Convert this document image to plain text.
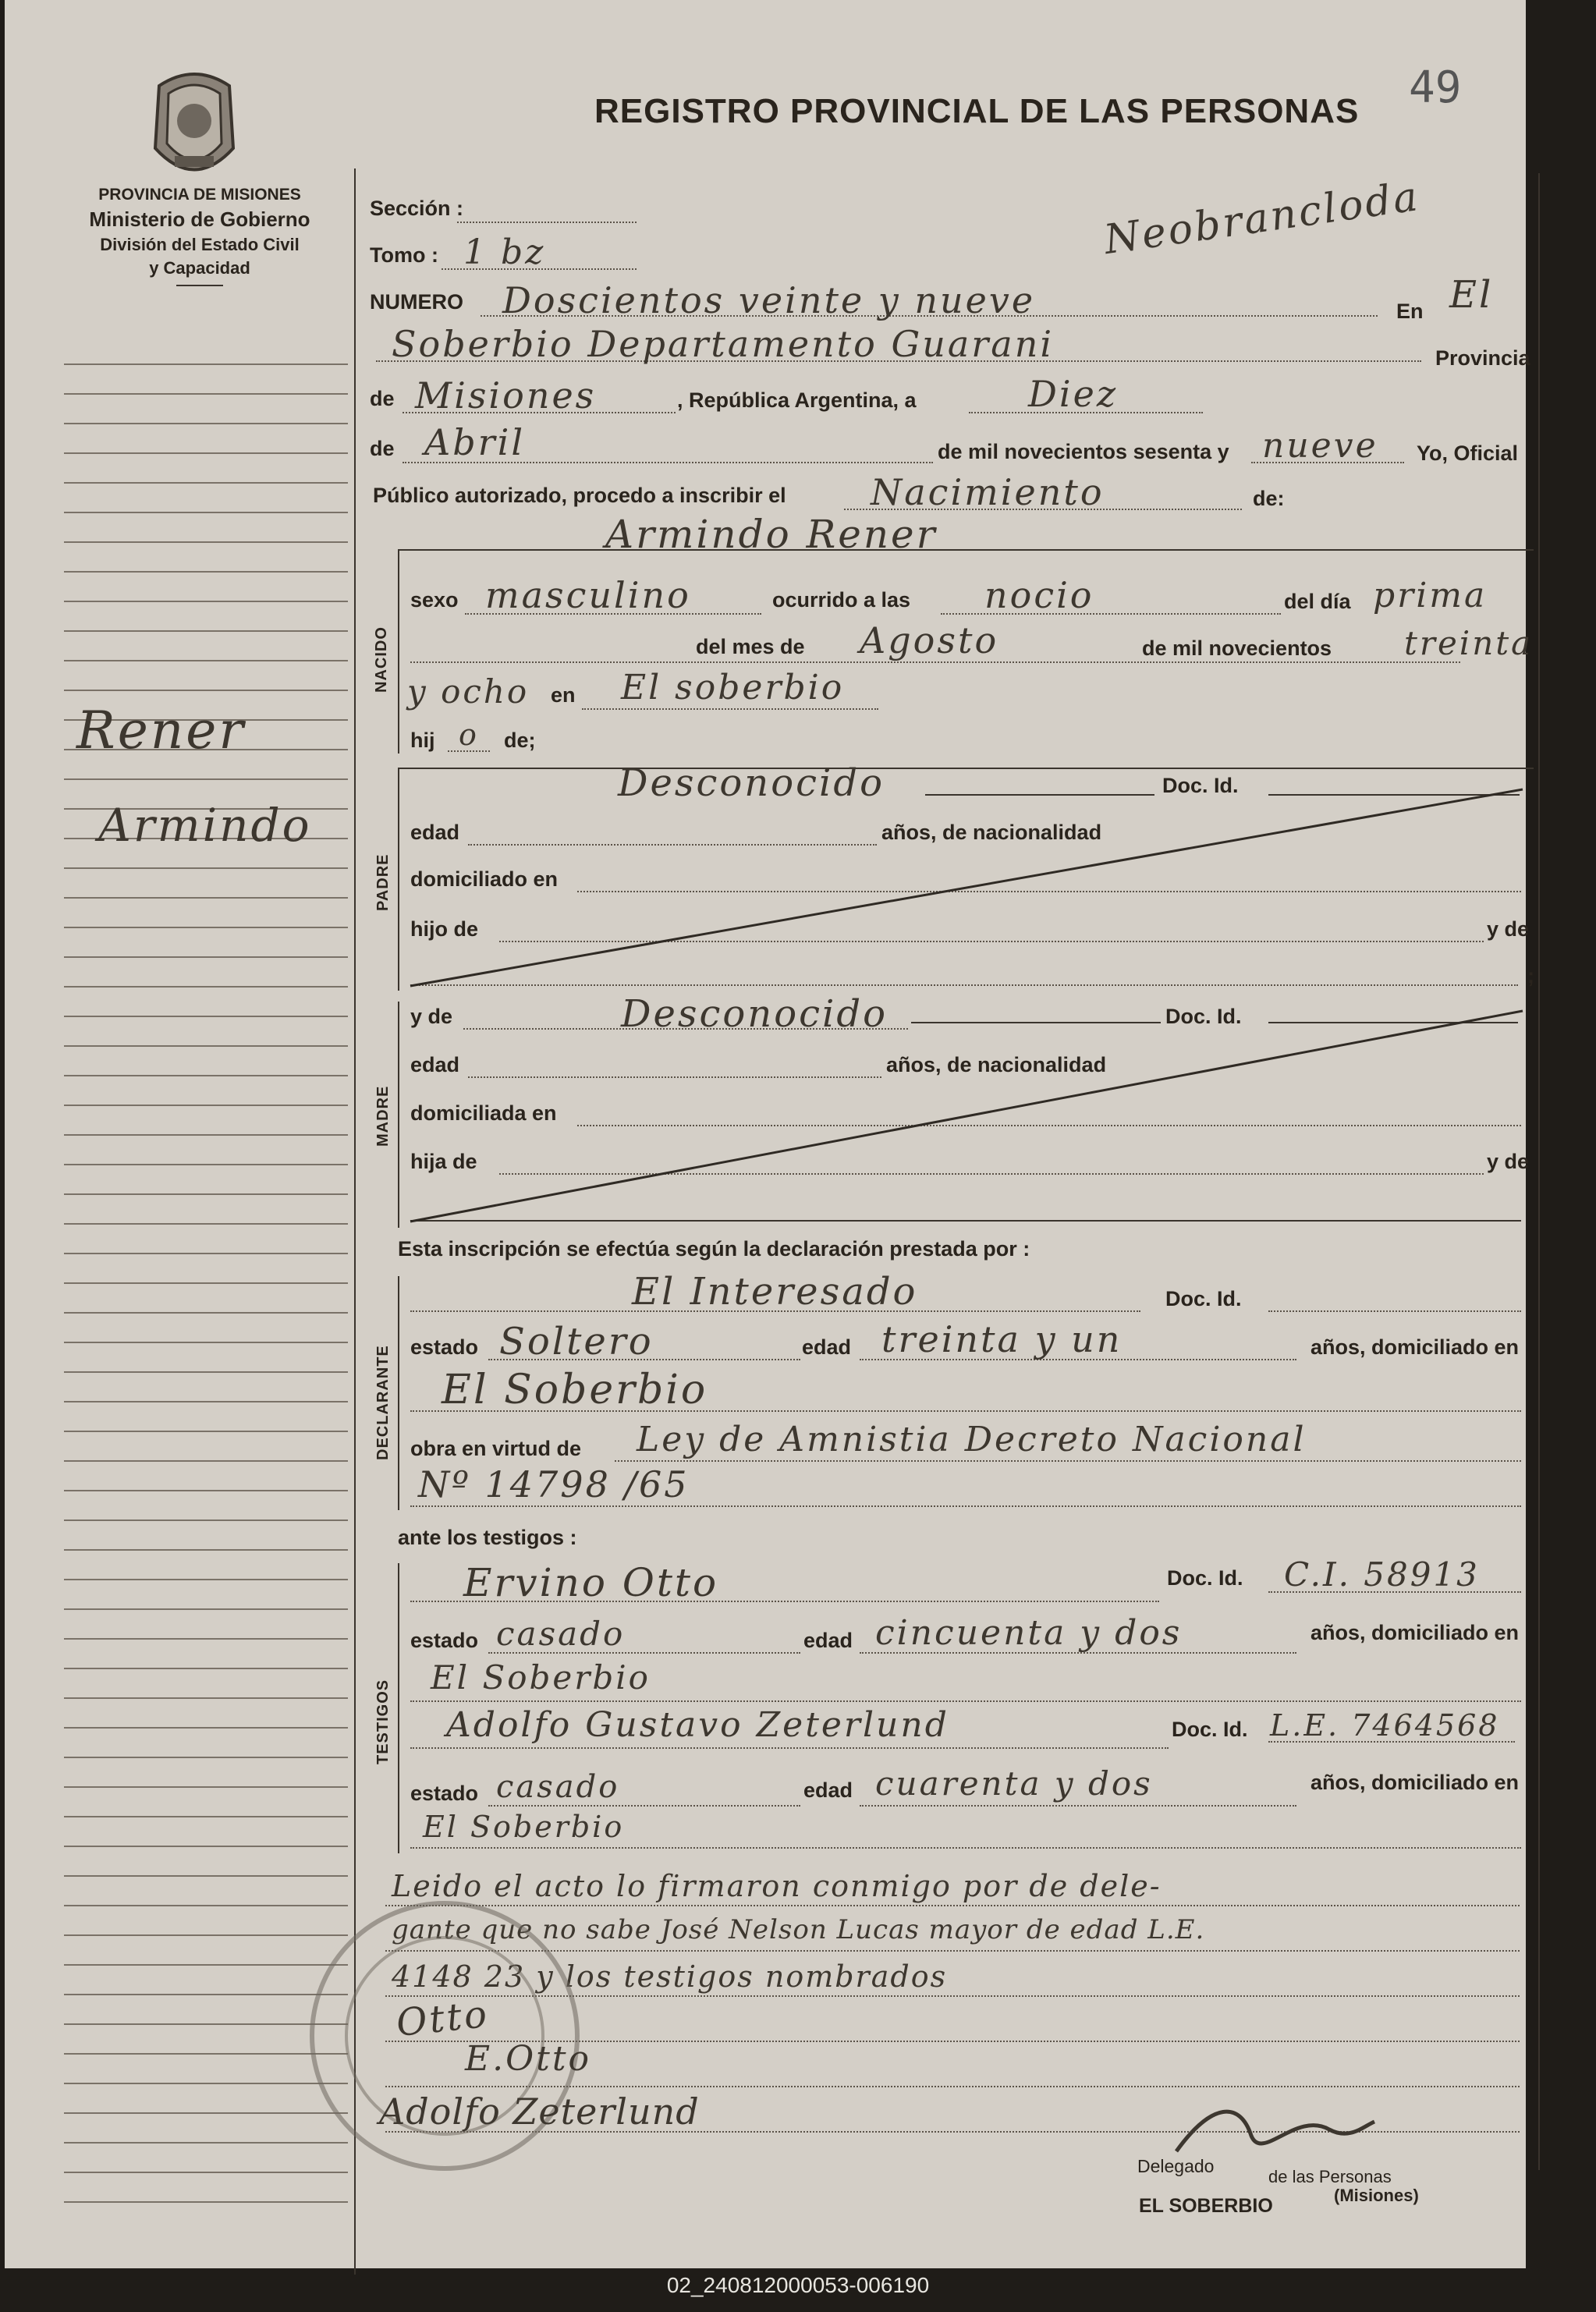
49
REGISTRO PROVINCIAL DE LAS PERSONAS
PROVINCIA DE MISIONES
Ministerio de Gobierno
División del Estado Civil
y Capacidad
Neobrancloda
Rener
Armindo
Sección :
Tomo : 1 bz
NUMERO Doscientos veinte y nueve	En El
Soberbio Departamento Guarani	Provincia
de Misiones	, República Argentina, a	Diez
de Abril	de mil novecientos sesenta y nueve Yo, Oficial
Público autorizado, procedo a inscribir el Nacimiento	de:
NACIDO
Armindo Rener
sexo masculino	ocurrido a las nocio	del día prima
del mes de Agosto	de mil novecientos treinta
y ocho en El soberbio
hij o de;
PADRE
Desconocido	Doc. Id.
edad	años, de nacionalidad
domiciliado en
hijo de	y de
;
MADRE
y de	Desconocido	Doc. Id.
edad	años, de nacionalidad
domiciliada en
hija de	y de
Esta inscripción se efectúa según la declaración prestada por :
DECLARANTE
El Interesado	Doc. Id.
estado Soltero	edad treinta y un	años, domiciliado en
El Soberbio
obra en virtud de Ley de Amnistia Decreto Nacional
Nº 14798 /65
ante los testigos :
TESTIGOS
Ervino Otto	Doc. Id. C.I. 58913
estado casado	edad cincuenta y dos	años, domiciliado en
El Soberbio
Adolfo Gustavo Zeterlund	Doc. Id. L.E. 7464568
estado casado	edad cuarenta y dos	años, domiciliado en
El Soberbio
Leido el acto lo firmaron conmigo por de dele-
gante que no sabe José Nelson Lucas mayor de edad L.E.
4148 23 y los testigos nombrados
Otto
E.Otto
Adolfo Zeterlund
Delegado
de las Personas
EL SOBERBIO	(Misiones)
02_240812000053-006190
